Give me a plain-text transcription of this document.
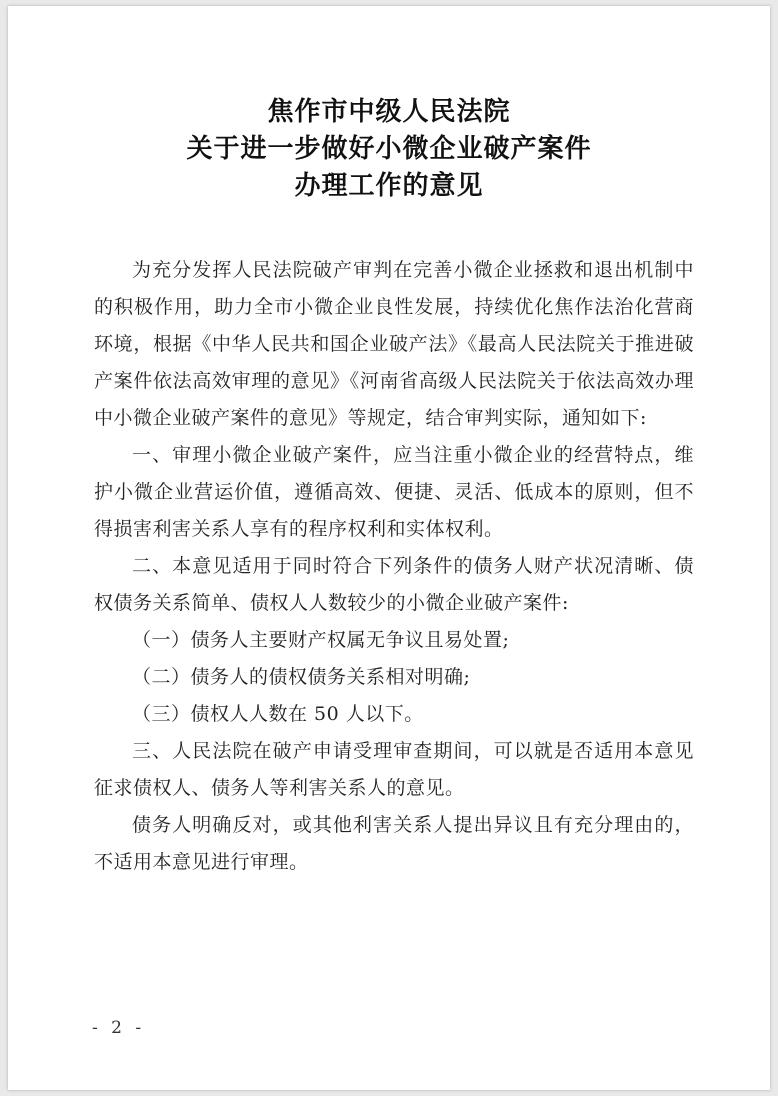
焦作市中级人民法院
关于进一步做好小微企业破产案件
办理工作的意见

为充分发挥人民法院破产审判在完善小微企业拯救和退出机制中的积极作用，助力全市小微企业良性发展，持续优化焦作法治化营商环境，根据《中华人民共和国企业破产法》《最高人民法院关于推进破产案件依法高效审理的意见》《河南省高级人民法院关于依法高效办理中小微企业破产案件的意见》等规定，结合审判实际，通知如下:

一、审理小微企业破产案件，应当注重小微企业的经营特点，维护小微企业营运价值，遵循高效、便捷、灵活、低成本的原则，但不得损害利害关系人享有的程序权利和实体权利。

二、本意见适用于同时符合下列条件的债务人财产状况清晰、债权债务关系简单、债权人人数较少的小微企业破产案件:

（一）债务人主要财产权属无争议且易处置;

（二）债务人的债权债务关系相对明确;

（三）债权人人数在 50 人以下。

三、人民法院在破产申请受理审查期间，可以就是否适用本意见征求债权人、债务人等利害关系人的意见。

债务人明确反对，或其他利害关系人提出异议且有充分理由的，不适用本意见进行审理。

- 2 -
